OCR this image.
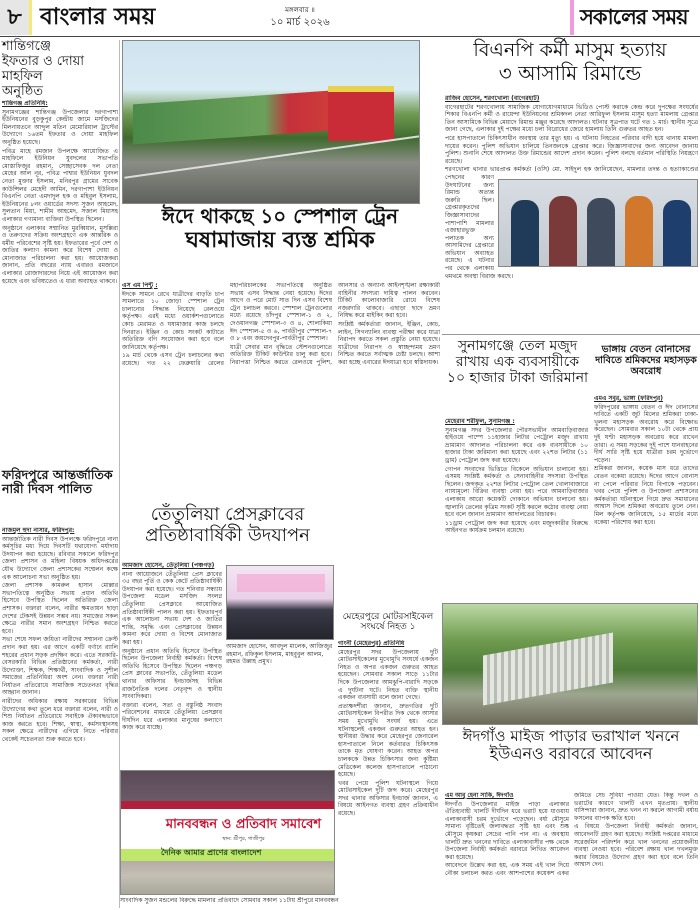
৮ বাংলার সময়	মঙ্গলবার ॥
১০ মার্চ ২০২৬	সকালের সময়
শান্তিগঞ্জে ইফতার ও দোয়া মাহফিল অনুষ্ঠিত

শান্তিগঞ্জ প্রতিনিধি:

সুনামগঞ্জের শান্তিগঞ্জ উপজেলার দরগাপাশা ইউনিয়নের বুড়কুপুর কেন্দ্রীয় জামে মসজিদের মিলনায়তনে আব্দুল মতিন মেমোরিয়াল ট্রাস্টের উদ্যোগে ১৬তম ইফতার ও দোয়া মাহফিল অনুষ্ঠিত হয়েছে।

পবিত্র মাহে রমজান উপলক্ষে আয়োজিত এ মাহফিলে ইউনিয়ন যুবদলের সভাপতি মোস্তাফিজুর রহমান, সেচ্ছাসেবক দল নেতা মেহের আল নূর, পবিত্র পাশ্বার ইউনিয়ন যুবদল নেতা মুক্তার ইসলাম, মনিরপুর গ্রামের সাবেক কাউন্সিলর মেহেদী আমিন, দরগাপাশা ইউনিয়ন বিএনপি নেতা এমদাদুল হক ও মহিবুল ইসলাম, ইউনিয়নের ৮নং ওয়ার্ডের সদস্য সুজন আহমেদ, সুলতান মিয়া, শামীম আহমেদ, সজাল মিয়াসহ এলাকার গণ্যমান্য ব্যক্তিরা উপস্থিত ছিলেন।

অনুষ্ঠানে এলাকার সম্মানিত মুরব্বিয়ান, মুসল্লিরা ও তরুণদের সক্রিয় অংশগ্রহণে এক আন্তরিক ও ধর্মীয় পরিবেশের সৃষ্টি হয়। ইফতারের পূর্বে দেশ ও জাতির কল্যাণ কামনা করে বিশেষ দোয়া ও মোনাজাত পরিচালনা করা হয়। আয়োজকরা জানান, প্রতি বছরের ন্যায় এবারও রমজানে এলাকার রোজাদারদের নিয়ে এই আয়োজন করা হয়েছে এবং ভবিষ্যতেও এ ধারা অব্যাহত থাকবে।

ফরিদপুরে আন্তর্জাতিক নারী দিবস পালিত

নাজমুল হুদা নাসার, ফরিদপুর:

আন্তর্জাতিক নারী দিবস উপলক্ষে ফরিদপুরে নানা কর্মসূচির মধ্য দিয়ে দিবসটি যথাযোগ্য মর্যাদায় উদযাপন করা হয়েছে। রবিবার সকালে ফরিদপুর জেলা প্রশাসন ও মহিলা বিষয়ক অধিদপ্তরের যৌথ উদ্যোগে জেলা প্রশাসকের সম্মেলন কক্ষে এক আলোচনা সভা অনুষ্ঠিত হয়।

জেলা প্রশাসক কামরুল হাসান মোল্লার সভাপতিত্বে অনুষ্ঠিত সভায় প্রধান অতিথি হিসেবে উপস্থিত ছিলেন অতিরিক্ত জেলা প্রশাসক। বক্তারা বলেন, নারীর ক্ষমতায়ন ছাড়া দেশের টেকসই উন্নয়ন সম্ভব নয়। সমাজের সকল ক্ষেত্রে নারীর সমান অংশগ্রহণ নিশ্চিত করতে হবে।

সভা শেষে সফল জয়িতা নারীদের সম্মাননা ক্রেস্ট প্রদান করা হয়। এর আগে একটি বর্ণাঢ্য র‍্যালি শহরের প্রধান সড়ক প্রদক্ষিণ করে। এতে সরকারি-বেসরকারি বিভিন্ন প্রতিষ্ঠানের কর্মকর্তা, নারী উদ্যোক্তা, শিক্ষক, শিক্ষার্থী, সাংবাদিক ও সুশীল সমাজের প্রতিনিধিরা অংশ নেন। বক্তারা নারী নির্যাতন প্রতিরোধে সামাজিক সচেতনতা বৃদ্ধির আহ্বান জানান।

নারীদের অধিকার রক্ষায় সরকারের বিভিন্ন উদ্যোগের কথা তুলে ধরে বক্তারা বলেন, নারী ও শিশু নির্যাতন প্রতিরোধে সবাইকে ঐক্যবদ্ধভাবে কাজ করতে হবে। শিক্ষা, স্বাস্থ্য, কর্মসংস্থানসহ সকল ক্ষেত্রে নারীদের এগিয়ে নিতে পরিবার থেকেই সচেতনতা শুরু করতে হবে।

ঈদে থাকছে ১০ স্পেশাল ট্রেন
ঘষামাজায় ব্যস্ত শ্রমিক

এস এম পিন্টু :

ঈদকে সামনে রেখে যাত্রীদের বাড়তি চাপ সামলাতে ১০ জোড়া স্পেশাল ট্রেন চালানোর সিদ্ধান্ত নিয়েছে রেলওয়ে কর্তৃপক্ষ। এরই মধ্যে ওয়ার্কশপগুলোতে কোচ মেরামত ও ঘষামাজার কাজ চলছে দিনরাত। ইঞ্জিন ও কোচ সংকট কাটাতে অতিরিক্ত বগি সংযোজন করা হবে বলে জানিয়েছে কর্তৃপক্ষ।

১৯ মার্চ থেকে এসব ট্রেন চলাচলের কথা রয়েছে। গত ২২ ফেব্রুয়ারি রেলের মহাপরিচালকের সভাপতিত্বে অনুষ্ঠিত সভায় এসব সিদ্ধান্ত নেয়া হয়েছে। ঈদের আগে ও পরে মোট সাত দিন এসব বিশেষ ট্রেন চলাচল করবে। স্পেশাল ট্রেনগুলোর মধ্যে রয়েছে চাঁদপুর স্পেশাল-১ ও ২, দেওয়ানগঞ্জ স্পেশাল-৩ ও ৪, শোলাকিয়া ঈদ স্পেশাল-৫ ও ৬, পার্বতীপুর স্পেশাল-৭ ও ৮ এবং জয়দেবপুর-পার্বতীপুর স্পেশাল।

যাত্রী সেবার মান বৃদ্ধিতে স্টেশনগুলোতে অতিরিক্ত টিকিট কাউন্টার চালু করা হবে। নিরাপত্তা নিশ্চিত করতে রেলওয়ে পুলিশ, আনসার ও অন্যান্য আইনশৃঙ্খলা রক্ষাকারী বাহিনীর সদস্যরা দায়িত্ব পালন করবেন। টিকিট কালোবাজারি রোধে বিশেষ নজরদারি থাকবে। এছাড়া ছাদে ভ্রমণ নিষিদ্ধ করে মাইকিং করা হবে।

সংশ্লিষ্ট কর্মকর্তারা জানান, ইঞ্জিন, কোচ, লাইন, সিগন্যালিং ব্যবস্থা পরীক্ষা করে যাত্রা নিরাপদ করতে সকল প্রস্তুতি নেয়া হয়েছে। যাত্রীদের নিরাপদ ও স্বাচ্ছন্দ্যময় ভ্রমণ নিশ্চিত করতে সর্বাত্মক চেষ্টা চলছে। আশা করা হচ্ছে এবারের ঈদযাত্রা হবে স্বস্তিদায়ক।

বিএনপি কর্মী মাসুম হত্যায়
৩ আসামি রিমান্ডে

রাজিব হোসেন, শরণখোলা (বাগেরহাট)

বাগেরহাটের শরণখোলায় সামাজিক যোগাযোগমাধ্যমে ভিডিও পোস্ট করাকে কেন্দ্র করে দুপক্ষের সংঘর্ষের শিকার বিএনপি কর্মী ও রায়েন্দা ইউনিয়নের শ্রমিকদল নেতা আরিফুল ইসলাম মাসুম হত্যা মামলায় গ্রেপ্তার তিন আসামিকে বিভিন্ন মেয়াদে রিমান্ড মঞ্জুর করেছে আদালত। ঘটনার সূত্রপাত ঘটে গত ১ মার্চ। স্থানীয় সূত্রে জানা গেছে, এলাকার দুই পক্ষের মধ্যে চলা বিরোধের জেরে হামলায় তিনি গুরুতর আহত হন।

পরে হাসপাতালে চিকিৎসাধীন অবস্থায় তার মৃত্যু হয়। এ ঘটনায় নিহতের পরিবার বাদী হয়ে থানায় মামলা দায়ের করেন। পুলিশ অভিযান চালিয়ে তিনজনকে গ্রেপ্তার করে। জিজ্ঞাসাবাদের জন্য আবেদন জানায় পুলিশ। শুনানি শেষে আদালত উক্ত রিমান্ডের আদেশ প্রদান করেন। পুলিশ বলছে বর্তমান পরিস্থিতি নিয়ন্ত্রণে রয়েছে।

শরণখোলা থানার ভারপ্রাপ্ত কর্মকর্তা (ওসি) মো. সাইদুল হক জানিয়েছেন, মামলার তদন্ত ও হত্যাকাণ্ডের পেছনের কারণ উদঘাটনের জন্য রিমান্ড অত্যন্ত জরুরি ছিল। গ্রেপ্তারকৃতদের জিজ্ঞাসাবাদের পাশাপাশি মামলার এজাহারভুক্ত পলাতক অন্য আসামিদের গ্রেপ্তারে অভিযান অব্যাহত রয়েছে। এ ঘটনার পর থেকে এলাকায় থমথমে অবস্থা বিরাজ করছে।

সুনামগঞ্জে তেল মজুদ রাখায় এক ব্যবসায়ীকে ১০ হাজার টাকা জরিমানা

মেহেরাব শরীফুল, সুনামগঞ্জ :

সুনামগঞ্জ সদর উপজেলার পৌরসভাধীন আমবাড়িবাজার হাইওয়ে পাম্পে ১১হাজার লিটার পেট্রোল মজুদ রাখায় ভ্রাম্যমাণ আদালত পরিচালনা করে এক ব্যবসায়ীকে ১০ হাজার টাকা জরিমানা করা হয়েছে এবং ২২শত লিটার (১১ ড্রাম) পেট্রোল জব্দ করা হয়েছে।

গোপন সংবাদের ভিত্তিতে বিকেলে অভিযান চালানো হয়। এসময় সংশ্লিষ্ট কর্মকর্তা ও সেনাবাহিনীর সদস্যরা উপস্থিত ছিলেন। জব্দকৃত ২২শত লিটার পেট্রোল তেল খোলাবাজারে ন্যায্যমূল্যে বিক্রির ব্যবস্থা নেয়া হয়। পরে আমবাড়িবাজার এলাকায় আরো কয়েকটি দোকানে অভিযান চালানো হয়। জ্বালানি তেলের কৃত্রিম সংকট সৃষ্টি করলে কঠোর ব্যবস্থা নেয়া হবে বলে জানান ভ্রাম্যমাণ আদালতের বিচারক।

১১ড্রাম পেট্রোল জব্দ করা হয়েছে এবং মজুদকারীর বিরুদ্ধে আইনগত কার্যক্রম চলমান রয়েছে।

ভাঙ্গায় বেতন বোনাসের দাবিতে শ্রমিকদের মহাসড়ক অবরোধ

এমএ সবুর, ভাঙ্গা (ফরিদপুর)

ফরিদপুরের ভাঙ্গায় বেতন ও ঈদ বোনাসের দাবিতে একটি জুট মিলের শ্রমিকরা ঢাকা-খুলনা মহাসড়ক অবরোধ করে বিক্ষোভ করেছেন। সোমবার সকাল ১০টা থেকে প্রায় দুই ঘণ্টা মহাসড়ক অবরোধ করে রাখেন তারা। এ সময় সড়কের দুই পাশে যানবাহনের দীর্ঘ সারি সৃষ্টি হয়ে যাত্রীরা চরম দুর্ভোগে পড়েন।

শ্রমিকরা জানান, কয়েক মাস ধরে তাদের বেতন বকেয়া রয়েছে। ঈদের আগে বোনাস না পেলে পরিবার নিয়ে বিপাকে পড়বেন। খবর পেয়ে পুলিশ ও উপজেলা প্রশাসনের কর্মকর্তারা ঘটনাস্থলে গিয়ে দ্রুত সমাধানের আশ্বাস দিলে শ্রমিকরা অবরোধ তুলে নেন। মিল কর্তৃপক্ষ জানিয়েছে, ১৫ মার্চের মধ্যে বকেয়া পরিশোধ করা হবে।

তেঁতুলিয়া প্রেসক্লাবের
প্রতিষ্ঠাবার্ষিকী উদযাপন

আমজাদ হোসেন, তেঁতুলিয়া (পঞ্চগড়)

নানা আয়োজনে তেঁতুলিয়া প্রেস ক্লাবের ৩৫ বছর পূর্তি ও কেক কেটে প্রতিষ্ঠাবার্ষিকী উদযাপন করা হয়েছে। গত শনিবার সন্ধ্যায় উপজেলা মডেল মসজিদ সংলগ্ন তেঁতুলিয়া প্রেসক্লাবে আয়োজিত প্রতিষ্ঠাবার্ষিকী পালন করা হয়। ইফতারপূর্ব এক আলোচনা সভায় দেশ ও জাতির শান্তি, সমৃদ্ধি এবং প্রেসক্লাবের উন্নয়ন কামনা করে দোয়া ও বিশেষ মোনাজাত করা হয়।

অনুষ্ঠানে প্রধান অতিথি হিসেবে উপস্থিত ছিলেন উপজেলা নির্বাহী কর্মকর্তা। বিশেষ অতিথি হিসেবে উপস্থিত ছিলেন পঞ্চগড় প্রেস ক্লাবের সভাপতি, তেঁতুলিয়া মডেল থানার অফিসার ইনচার্জসহ বিভিন্ন রাজনৈতিক দলের নেতৃবৃন্দ ও স্থানীয় সাংবাদিকরা।

বক্তারা বলেন, সত্য ও বস্তুনিষ্ঠ সংবাদ পরিবেশনের মাধ্যমে তেঁতুলিয়া প্রেসক্লাব দীর্ঘদিন ধরে এলাকার মানুষের কল্যাণে কাজ করে যাচ্ছে।

আমজাদ হোসেন, আবদুল মালেক, আজিজুর রহমান, রফিকুল ইসলাম, মাহবুবুল আলম, রহমত উল্লাহ প্রমুখ।
মানববন্ধন ও প্রতিবাদ সমাবেশ
স্থান: শ্রীপুর, গাজীপুর
দৈনিক আমার প্রাণের বাংলাদেশ
সাংবাদিক সুজন মন্ডলের বিরুদ্ধে মামলার প্রতিবাদে সোমবার সকাল ১১টায় শ্রীপুরে মানববন্ধন
মেহেরপুরে মোটরসাইকেল সংঘর্ষে নিহত ১

গাংনী (মেহেরপুর) প্রতিনিধি

মেহেরপুর সদর উপজেলায় দুটি মোটরসাইকেলের মুখোমুখি সংঘর্ষে একজন নিহত ও অপর একজন গুরুতর আহত হয়েছেন। সোমবার সকাল সাড়ে ১১টার দিকে উপজেলার আমঝুপি-বারাদি সড়কে এ দুর্ঘটনা ঘটে। নিহত ব্যক্তি স্থানীয় একজন ব্যবসায়ী বলে জানা গেছে।

প্রত্যক্ষদর্শীরা জানান, দ্রুতগতির দুটি মোটরসাইকেল বিপরীত দিক থেকে আসার সময় মুখোমুখি সংঘর্ষ হয়। এতে ঘটনাস্থলেই একজন গুরুতর আহত হন। স্থানীয়রা উদ্ধার করে মেহেরপুর জেনারেল হাসপাতালে নিলে কর্তব্যরত চিকিৎসক তাকে মৃত ঘোষণা করেন। আহত অপর চালককে উন্নত চিকিৎসার জন্য কুষ্টিয়া মেডিকেল কলেজ হাসপাতালে পাঠানো হয়েছে।

খবর পেয়ে পুলিশ ঘটনাস্থলে গিয়ে মোটরসাইকেল দুটি জব্দ করে। মেহেরপুর সদর থানার অফিসার ইনচার্জ জানান, এ বিষয়ে আইনগত ব্যবস্থা গ্রহণ প্রক্রিয়াধীন রয়েছে।

ঈদগাঁও মাইজ পাড়ার ভরাখাল খননে
ইউএনও বরাবরে আবেদন

এম আবু হেনা সাকি, ঈদগাঁও

ঈদগাঁও উপজেলার মাইজ পাড়া এলাকার ঐতিহ্যবাহী খালটি দীর্ঘদিন ধরে ভরাট হয়ে যাওয়ায় এলাকাবাসী চরম দুর্ভোগে পড়েছেন। বর্ষা মৌসুমে সামান্য বৃষ্টিতেই জলাবদ্ধতা সৃষ্টি হয় এবং শুষ্ক মৌসুমে কৃষকরা সেচের পানি পান না। এ অবস্থায় খালটি দ্রুত খননের দাবিতে এলাকাবাসীর পক্ষ থেকে উপজেলা নির্বাহী কর্মকর্তা বরাবরে লিখিত আবেদন করা হয়েছে।

আবেদনে উল্লেখ করা হয়, এক সময় এই খাল দিয়ে নৌকা চলাচল করত এবং আশপাশের কয়েকশ একর জমিতে সেচ সুবিধা পাওয়া যেত। কিন্তু দখল ও ভরাটের কারণে খালটি এখন মৃতপ্রায়। স্থানীয় বাসিন্দারা জানান, দ্রুত খনন না করলে আগামী বর্ষায় ফসলের ব্যাপক ক্ষতি হবে।

এ বিষয়ে উপজেলা নির্বাহী কর্মকর্তা জানান, আবেদনটি গ্রহণ করা হয়েছে। সংশ্লিষ্ট দপ্তরের মাধ্যমে সরেজমিন পরিদর্শন করে খাল খননের প্রয়োজনীয় ব্যবস্থা নেওয়া হবে। পরিবেশ রক্ষায় খাল দখলমুক্ত করার বিষয়েও উদ্যোগ গ্রহণ করা হবে বলে তিনি আশ্বাস দেন।
